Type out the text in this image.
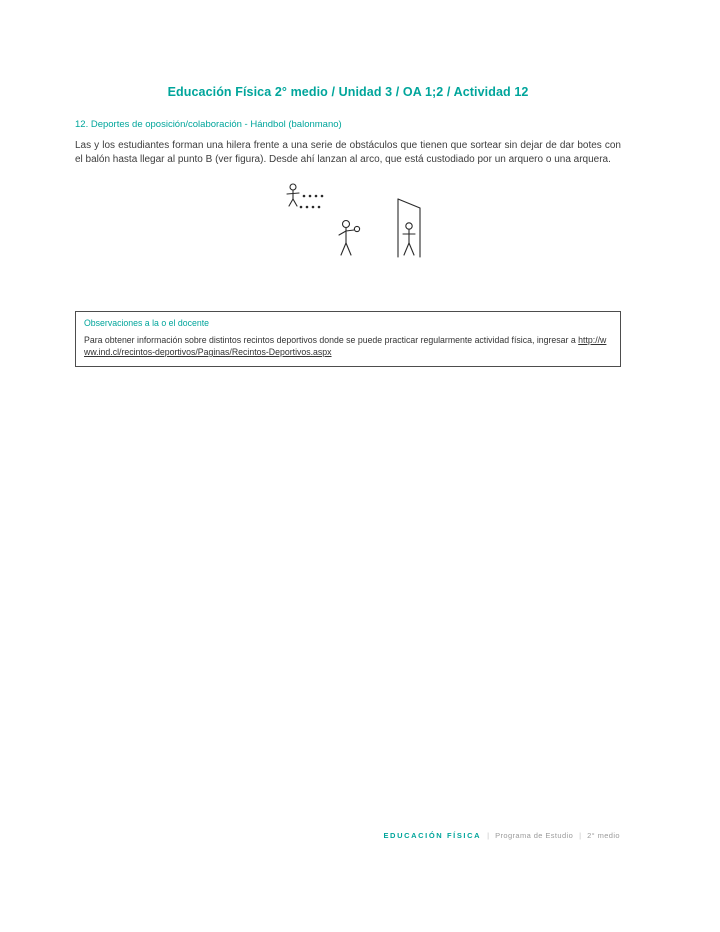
Educación Física 2° medio / Unidad 3 / OA 1;2 / Actividad 12
12. Deportes de oposición/colaboración - Hándbol (balonmano)
Las y los estudiantes forman una hilera frente a una serie de obstáculos que tienen que sortear sin dejar de dar botes con el balón hasta llegar al punto B (ver figura). Desde ahí lanzan al arco, que está custodiado por un arquero o una arquera.
Observaciones a la o el docente
Para obtener información sobre distintos recintos deportivos donde se puede practicar regularmente actividad física, ingresar a http://www.ind.cl/recintos-deportivos/Paginas/Recintos-Deportivos.aspx
EDUCACIÓN FÍSICA | Programa de Estudio | 2° medio
